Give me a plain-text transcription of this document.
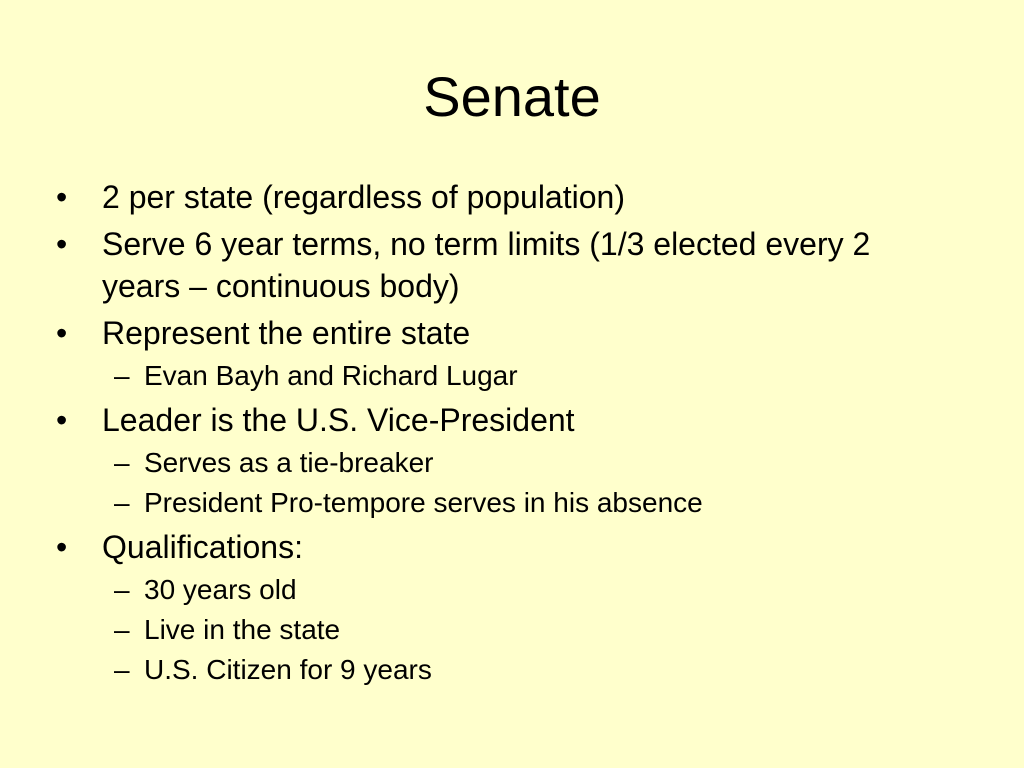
Senate
•	2 per state (regardless of population)
•	Serve 6 year terms, no term limits (1/3 elected every 2 years – continuous body)
•	Represent the entire state
– Evan Bayh and Richard Lugar
•	Leader is the U.S. Vice-President
– Serves as a tie-breaker
– President Pro-tempore serves in his absence
•	Qualifications:
– 30 years old
– Live in the state
– U.S. Citizen for 9 years
